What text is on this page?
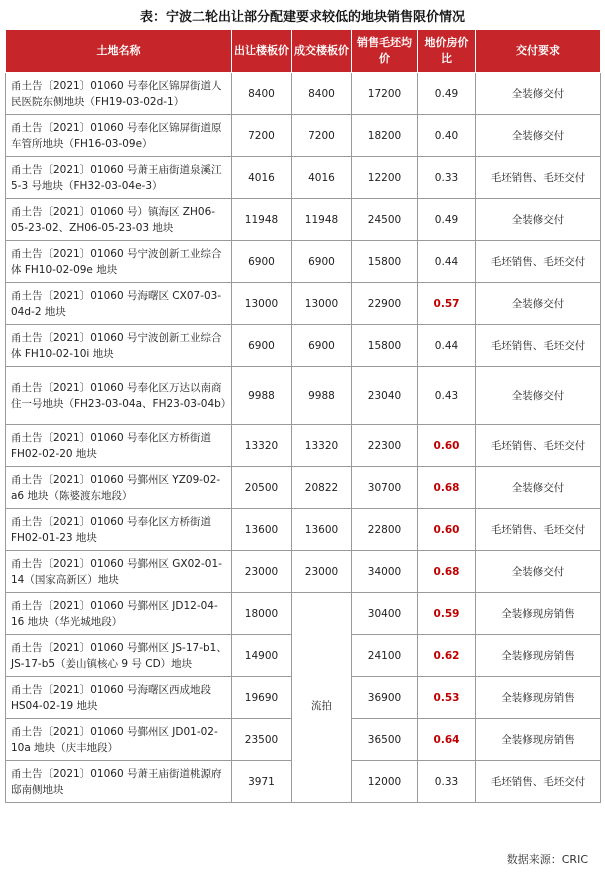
表：宁波二轮出让部分配建要求较低的地块销售限价情况
土地名称	出让楼板价	成交楼板价	销售毛坯均价	地价房价比	交付要求
甬土告〔2021〕01060 号奉化区锦屏街道人民医院东侧地块（FH19-03-02d-1）	8400	8400	17200	0.49	全装修交付
甬土告〔2021〕01060 号奉化区锦屏街道原车管所地块（FH16-03-09e）	7200	7200	18200	0.40	全装修交付
甬土告〔2021〕01060 号萧王庙街道泉溪江 5-3 号地块（FH32-03-04e-3）	4016	4016	12200	0.33	毛坯销售、毛坯交付
甬土告〔2021〕01060 号）镇海区 ZH06-05-23-02、ZH06-05-23-03 地块	11948	11948	24500	0.49	全装修交付
甬土告〔2021〕01060 号宁波创新工业综合体 FH10-02-09e 地块	6900	6900	15800	0.44	毛坯销售、毛坯交付
甬土告〔2021〕01060 号海曙区 CX07-03-04d-2 地块	13000	13000	22900	0.57	全装修交付
甬土告〔2021〕01060 号宁波创新工业综合体 FH10-02-10i 地块	6900	6900	15800	0.44	毛坯销售、毛坯交付
甬土告〔2021〕01060 号奉化区万达以南商住一号地块（FH23-03-04a、FH23-03-04b）	9988	9988	23040	0.43	全装修交付
甬土告〔2021〕01060 号奉化区方桥街道 FH02-02-20 地块	13320	13320	22300	0.60	毛坯销售、毛坯交付
甬土告〔2021〕01060 号鄞州区 YZ09-02-a6 地块（陈婆渡东地段）	20500	20822	30700	0.68	全装修交付
甬土告〔2021〕01060 号奉化区方桥街道 FH02-01-23 地块	13600	13600	22800	0.60	毛坯销售、毛坯交付
甬土告〔2021〕01060 号鄞州区 GX02-01-14（国家高新区）地块	23000	23000	34000	0.68	全装修交付
甬土告〔2021〕01060 号鄞州区 JD12-04-16 地块（华光城地段）	18000	流拍	30400	0.59	全装修现房销售
甬土告〔2021〕01060 号鄞州区 JS-17-b1、JS-17-b5（姜山镇核心 9 号 CD）地块	14900		24100	0.62	全装修现房销售
甬土告〔2021〕01060 号海曙区西成地段 HS04-02-19 地块	19690		36900	0.53	全装修现房销售
甬土告〔2021〕01060 号鄞州区 JD01-02-10a 地块（庆丰地段）	23500		36500	0.64	全装修现房销售
甬土告〔2021〕01060 号萧王庙街道桃源府邸南侧地块	3971		12000	0.33	毛坯销售、毛坯交付
数据来源：CRIC
